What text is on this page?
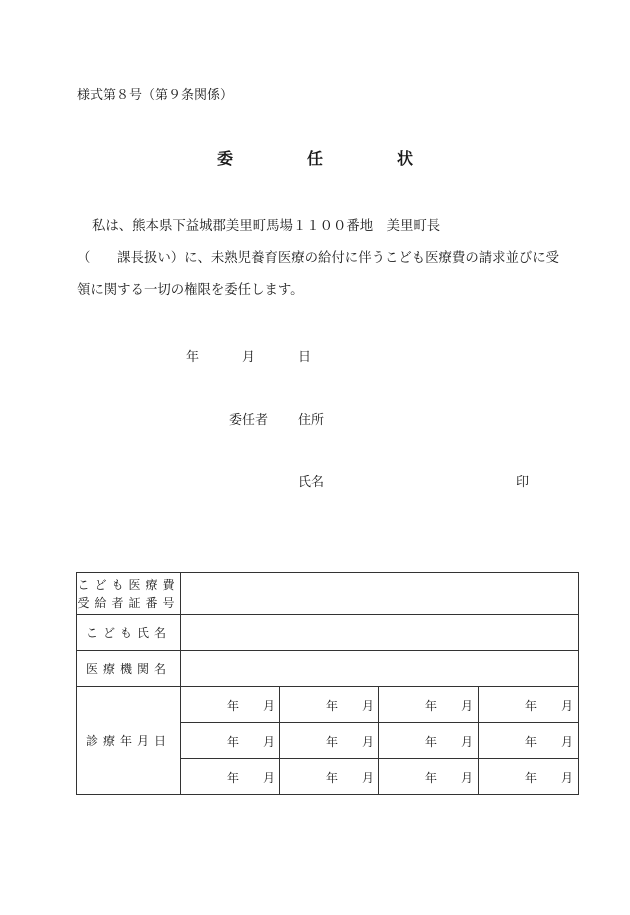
様式第８号（第９条関係）
委	任	状
私は、熊本県下益城郡美里町馬場１１００番地　美里町長
（　　課長扱い）に、未熟児養育医療の給付に伴うこども医療費の請求並びに受
領に関する一切の権限を委任します。
年	月	日
委任者 住所
氏名	印
こども医療費
受給者証番号				

こども氏名				
医療機関名				
診療年月日	年 月	年 月	年 月	年 月

	年 月	年 月	年 月	年 月

	年 月	年 月	年 月	年 月
